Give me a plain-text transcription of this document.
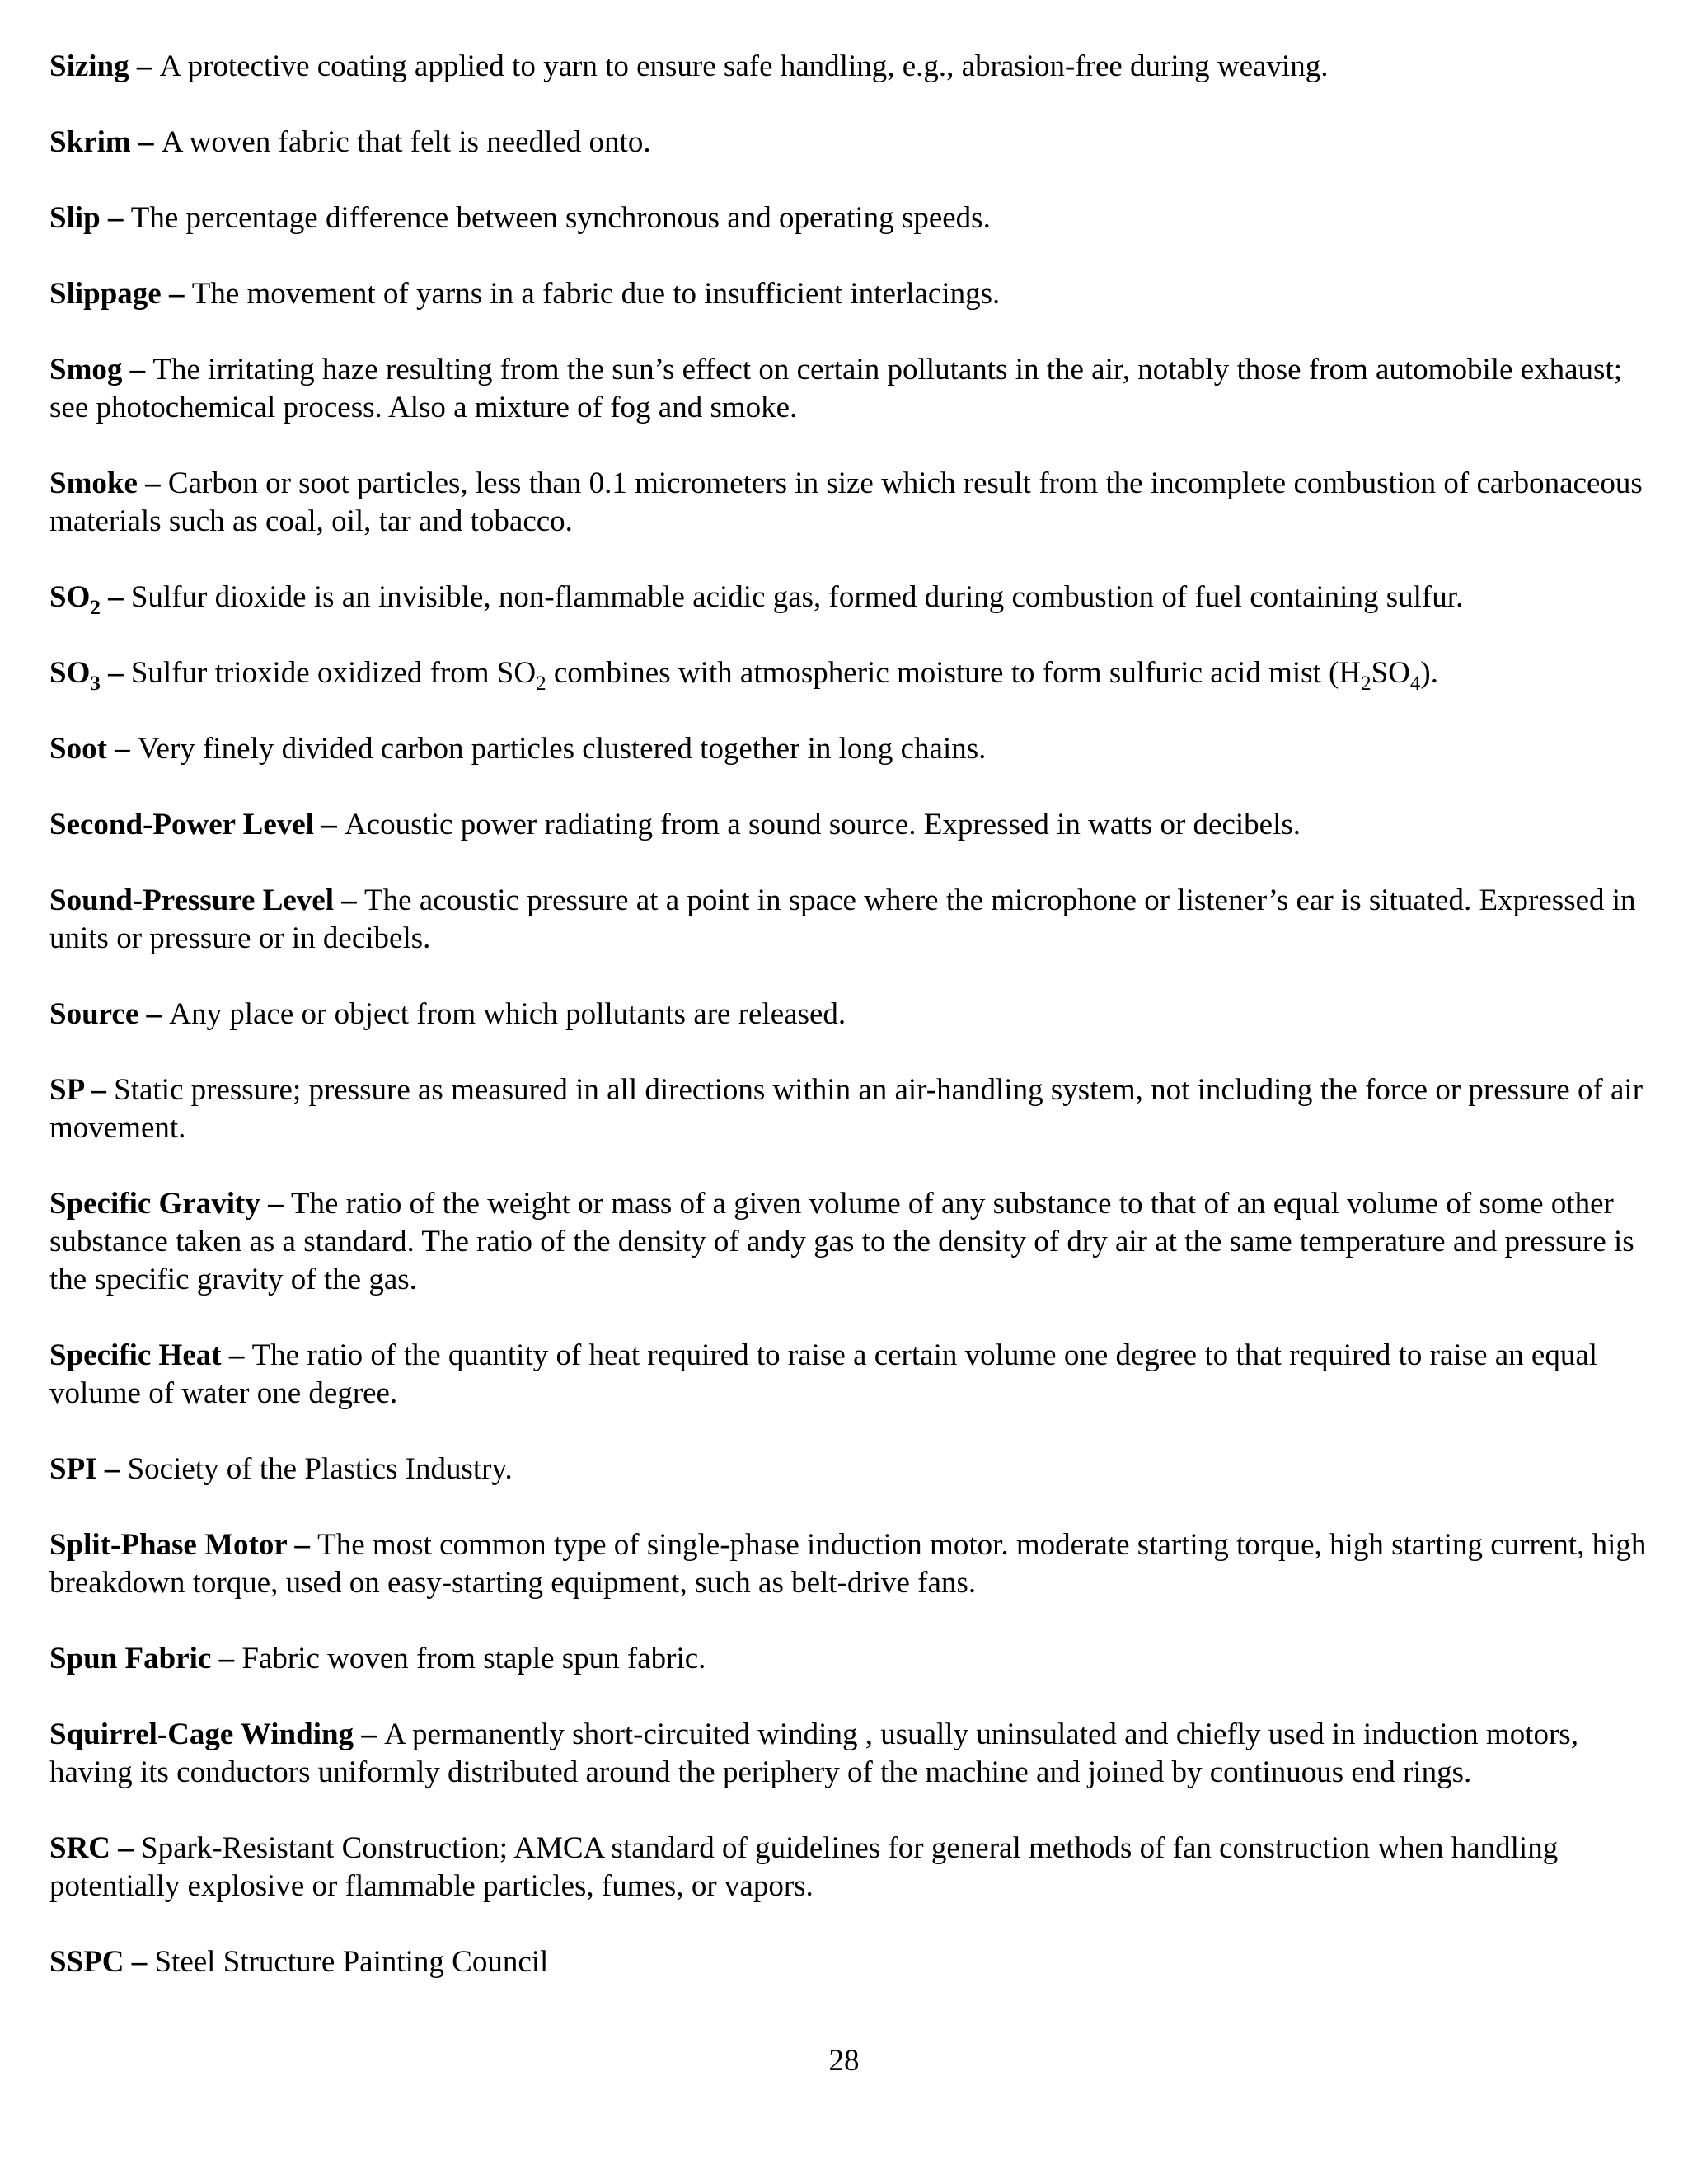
Sizing – A protective coating applied to yarn to ensure safe handling, e.g., abrasion-free during weaving.
Skrim – A woven fabric that felt is needled onto.
Slip – The percentage difference between synchronous and operating speeds.
Slippage – The movement of yarns in a fabric due to insufficient interlacings.
Smog – The irritating haze resulting from the sun’s effect on certain pollutants in the air, notably those from automobile exhaust; see photochemical process. Also a mixture of fog and smoke.
Smoke – Carbon or soot particles, less than 0.1 micrometers in size which result from the incomplete combustion of carbonaceous materials such as coal, oil, tar and tobacco.
$SO_2$ – Sulfur dioxide is an invisible, non-flammable acidic gas, formed during combustion of fuel containing sulfur.
$SO_3$ – Sulfur trioxide oxidized from $SO_2$ combines with atmospheric moisture to form sulfuric acid mist $(H_2SO_4)$.
Soot – Very finely divided carbon particles clustered together in long chains.
Second-Power Level – Acoustic power radiating from a sound source. Expressed in watts or decibels.
Sound-Pressure Level – The acoustic pressure at a point in space where the microphone or listener’s ear is situated. Expressed in units or pressure or in decibels.
Source – Any place or object from which pollutants are released.
SP – Static pressure; pressure as measured in all directions within an air-handling system, not including the force or pressure of air movement.
Specific Gravity – The ratio of the weight or mass of a given volume of any substance to that of an equal volume of some other substance taken as a standard. The ratio of the density of andy gas to the density of dry air at the same temperature and pressure is the specific gravity of the gas.
Specific Heat – The ratio of the quantity of heat required to raise a certain volume one degree to that required to raise an equal volume of water one degree.
SPI – Society of the Plastics Industry.
Split-Phase Motor – The most common type of single-phase induction motor. moderate starting torque, high starting current, high breakdown torque, used on easy-starting equipment, such as belt-drive fans.
Spun Fabric – Fabric woven from staple spun fabric.
Squirrel-Cage Winding – A permanently short-circuited winding , usually uninsulated and chiefly used in induction motors, having its conductors uniformly distributed around the periphery of the machine and joined by continuous end rings.
SRC – Spark-Resistant Construction; AMCA standard of guidelines for general methods of fan construction when handling potentially explosive or flammable particles, fumes, or vapors.
SSPC – Steel Structure Painting Council
28
